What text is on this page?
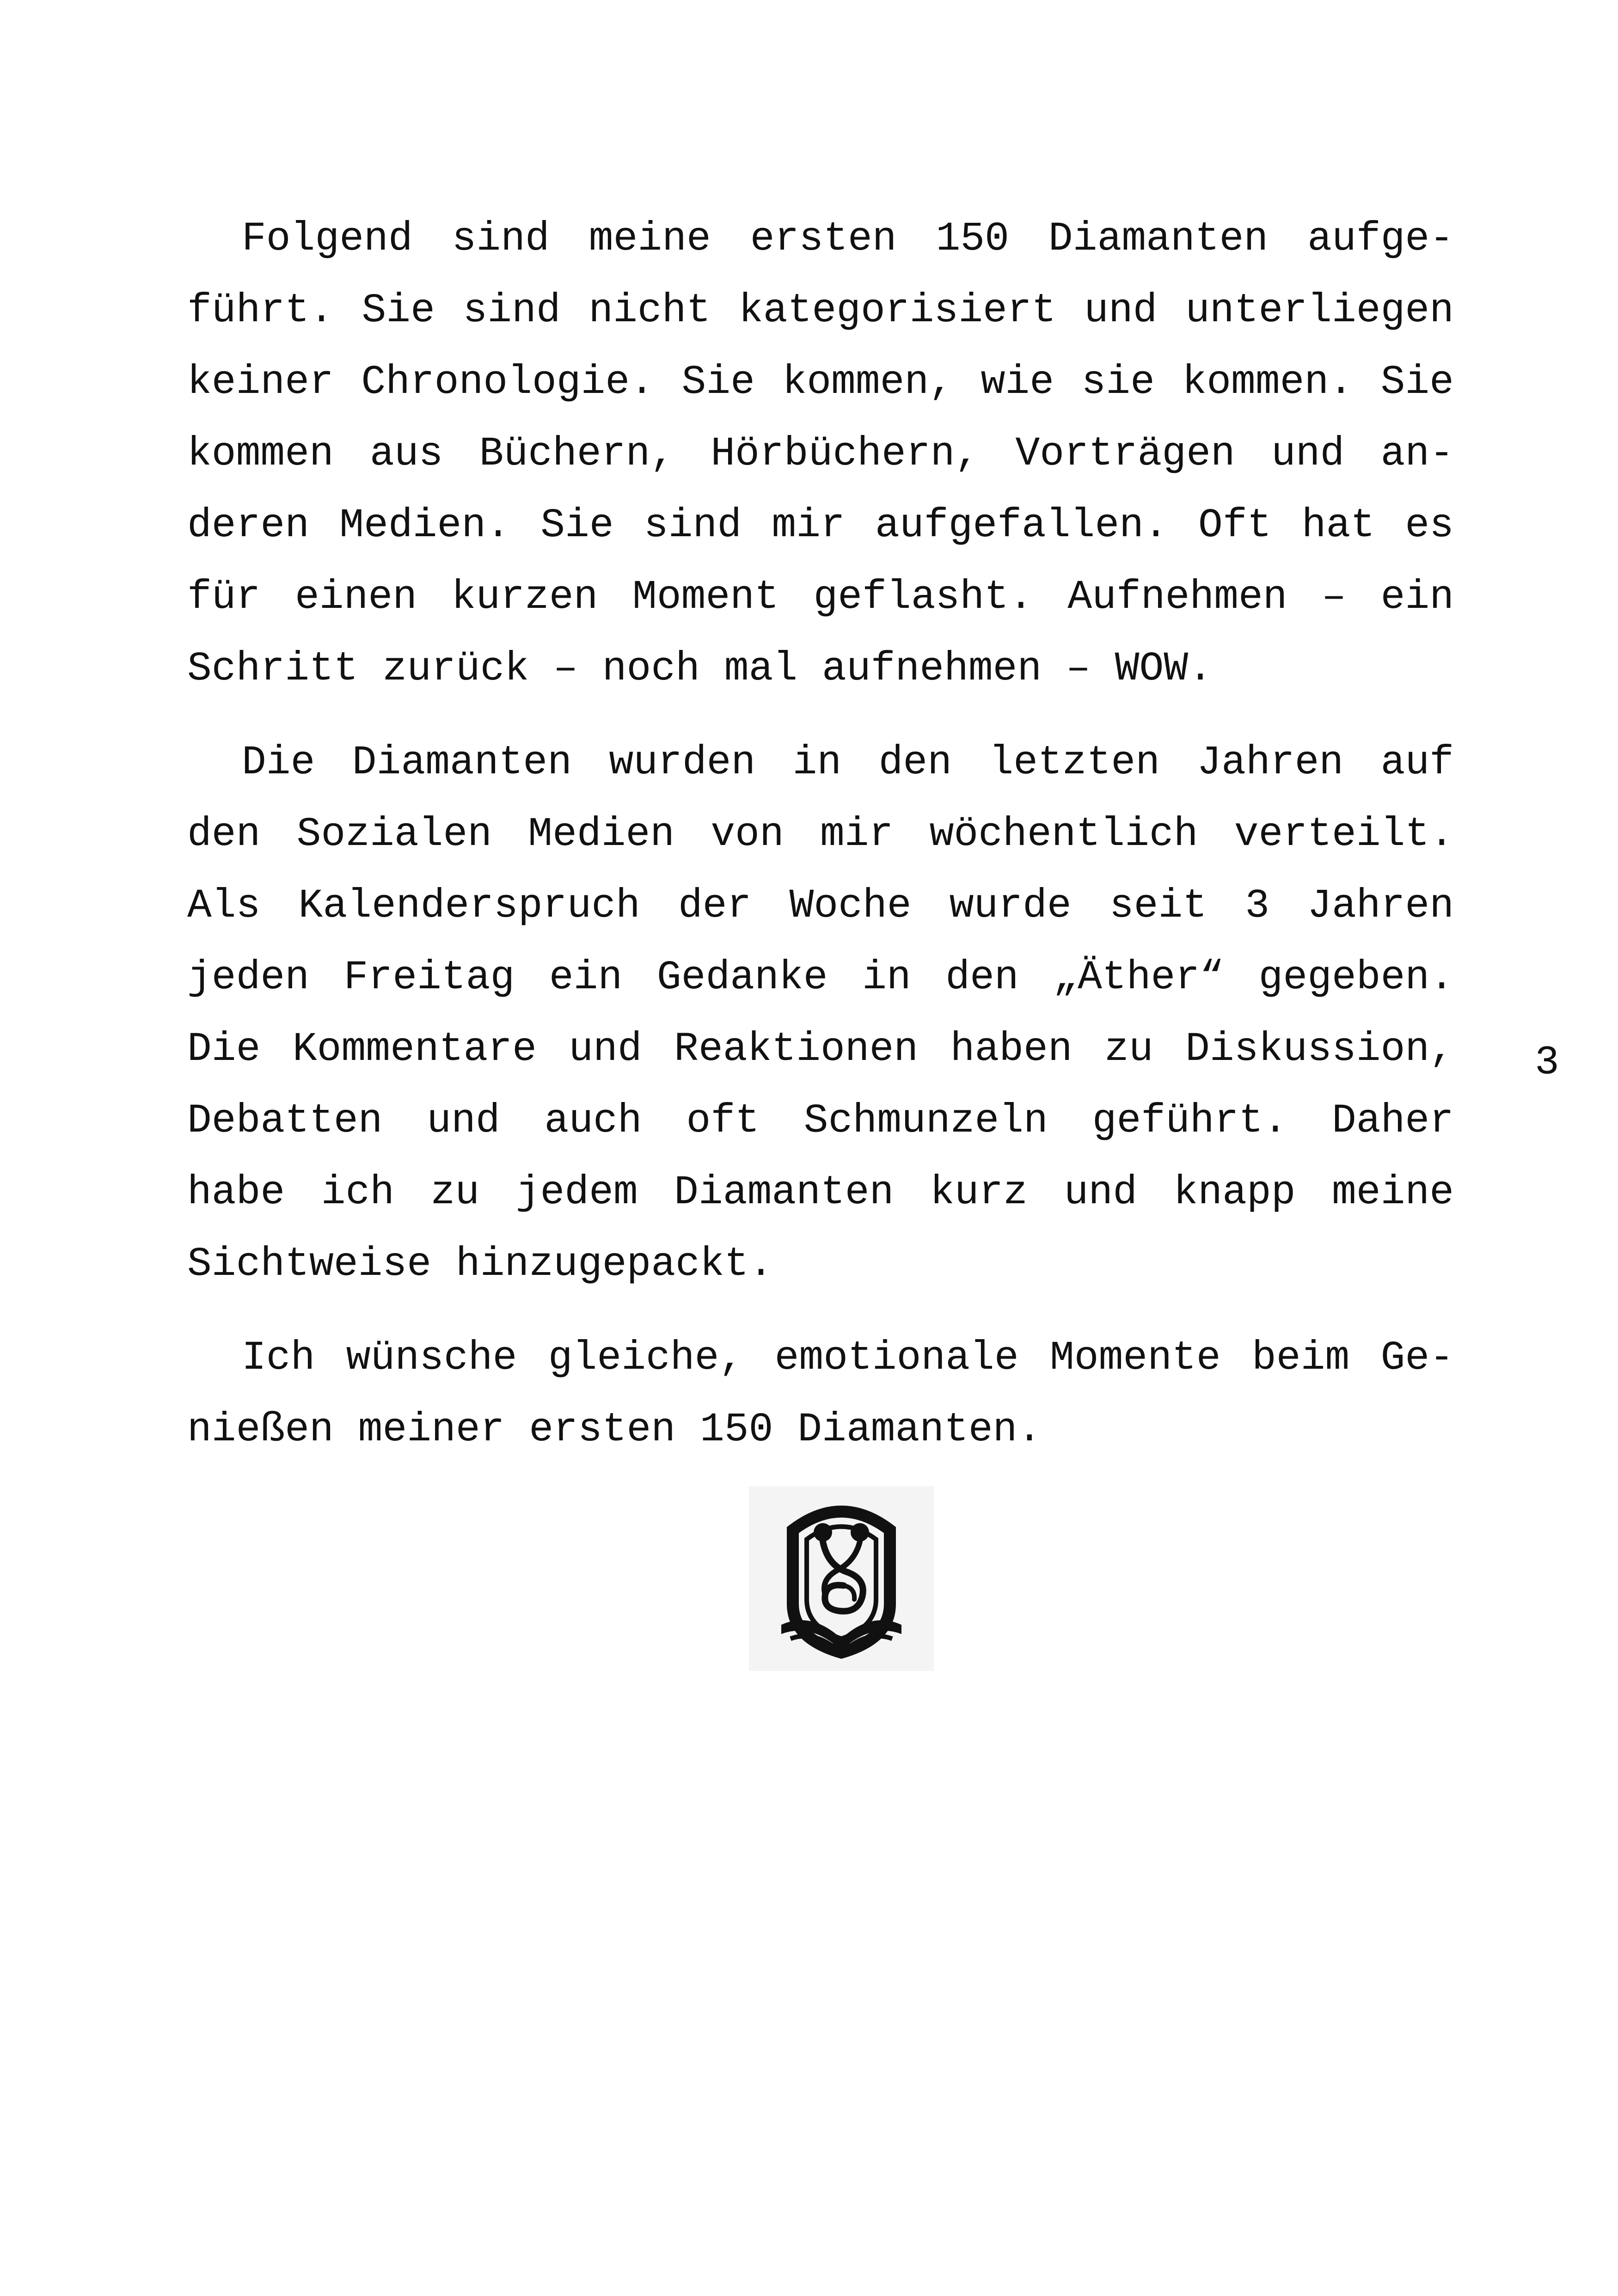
Folgend sind meine ersten 150 Diamanten aufge-
führt. Sie sind nicht kategorisiert und unterliegen
keiner Chronologie. Sie kommen, wie sie kommen. Sie
kommen aus Büchern, Hörbüchern, Vorträgen und an-
deren Medien. Sie sind mir aufgefallen. Oft hat es
für einen kurzen Moment geflasht. Aufnehmen – ein
Schritt zurück – noch mal aufnehmen – WOW.

Die Diamanten wurden in den letzten Jahren auf
den Sozialen Medien von mir wöchentlich verteilt.
Als Kalenderspruch der Woche wurde seit 3 Jahren
jeden Freitag ein Gedanke in den „Äther“ gegeben.
Die Kommentare und Reaktionen haben zu Diskussion,
Debatten und auch oft Schmunzeln geführt. Daher
habe ich zu jedem Diamanten kurz und knapp meine
Sichtweise hinzugepackt.

Ich wünsche gleiche, emotionale Momente beim Ge-
nießen meiner ersten 150 Diamanten.

3
